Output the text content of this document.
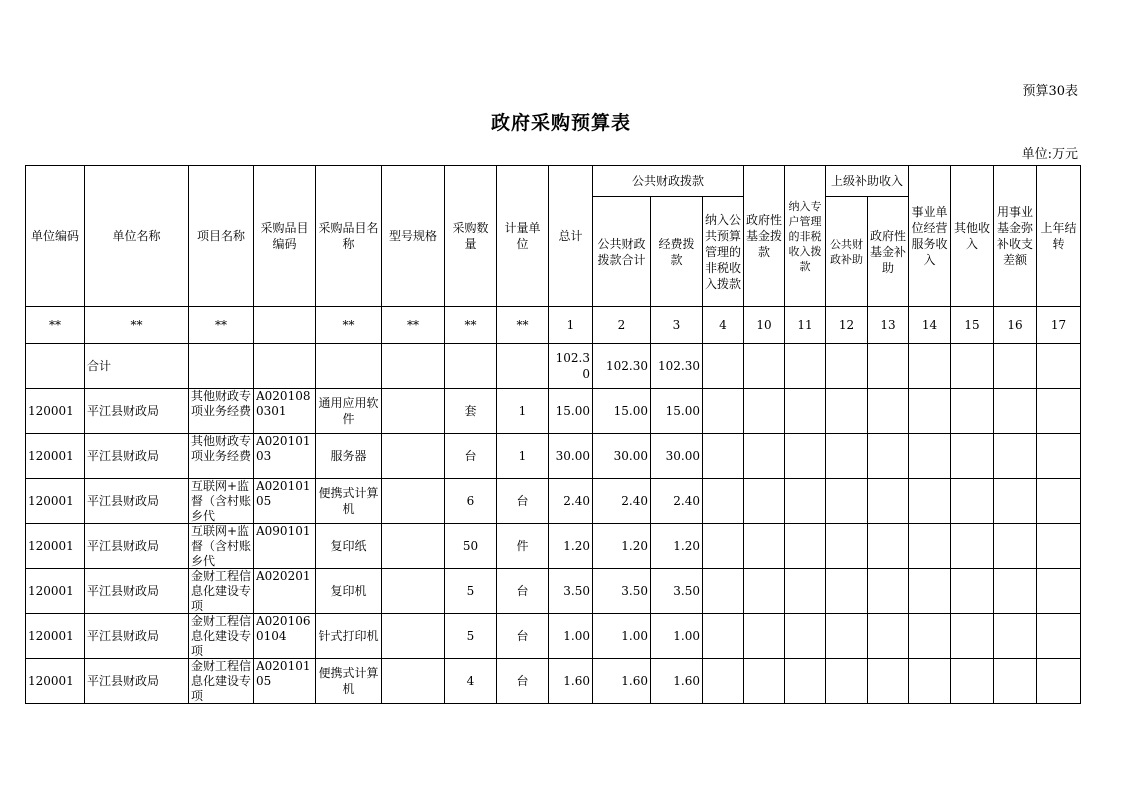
预算30表
政府采购预算表
单位:万元
单位编码	单位名称	项目名称	采购品目编码	采购品目名称	型号规格	采购数量	计量单位	总计	公共财政拨款			政府性基金拨款	纳入专户管理的非税收入拨款	上级补助收入		事业单位经营服务收入	其他收入	用事业基金弥补收支差额	上年结转
									公共财政拨款合计	经费拨款	纳入公共预算管理的非税收入拨款			公共财政补助	政府性基金补助				
**	**	**		**	**	**	**	1	2	3	4	10	11	12	13	14	15	16	17
	合计							102.30	102.30	102.30									
120001	平江县财政局	其他财政专项业务经费	A0201080301	通用应用软件		套	1	15.00	15.00	15.00									
120001	平江县财政局	其他财政专项业务经费	A02010103	服务器		台	1	30.00	30.00	30.00									
120001	平江县财政局	互联网+监督（含村账乡代	A02010105	便携式计算机		6	台	2.40	2.40	2.40									
120001	平江县财政局	互联网+监督（含村账乡代	A090101	复印纸		50	件	1.20	1.20	1.20									
120001	平江县财政局	金财工程信息化建设专项	A020201	复印机		5	台	3.50	3.50	3.50									
120001	平江县财政局	金财工程信息化建设专项	A0201060104	针式打印机		5	台	1.00	1.00	1.00									
120001	平江县财政局	金财工程信息化建设专项	A02010105	便携式计算机		4	台	1.60	1.60	1.60									
